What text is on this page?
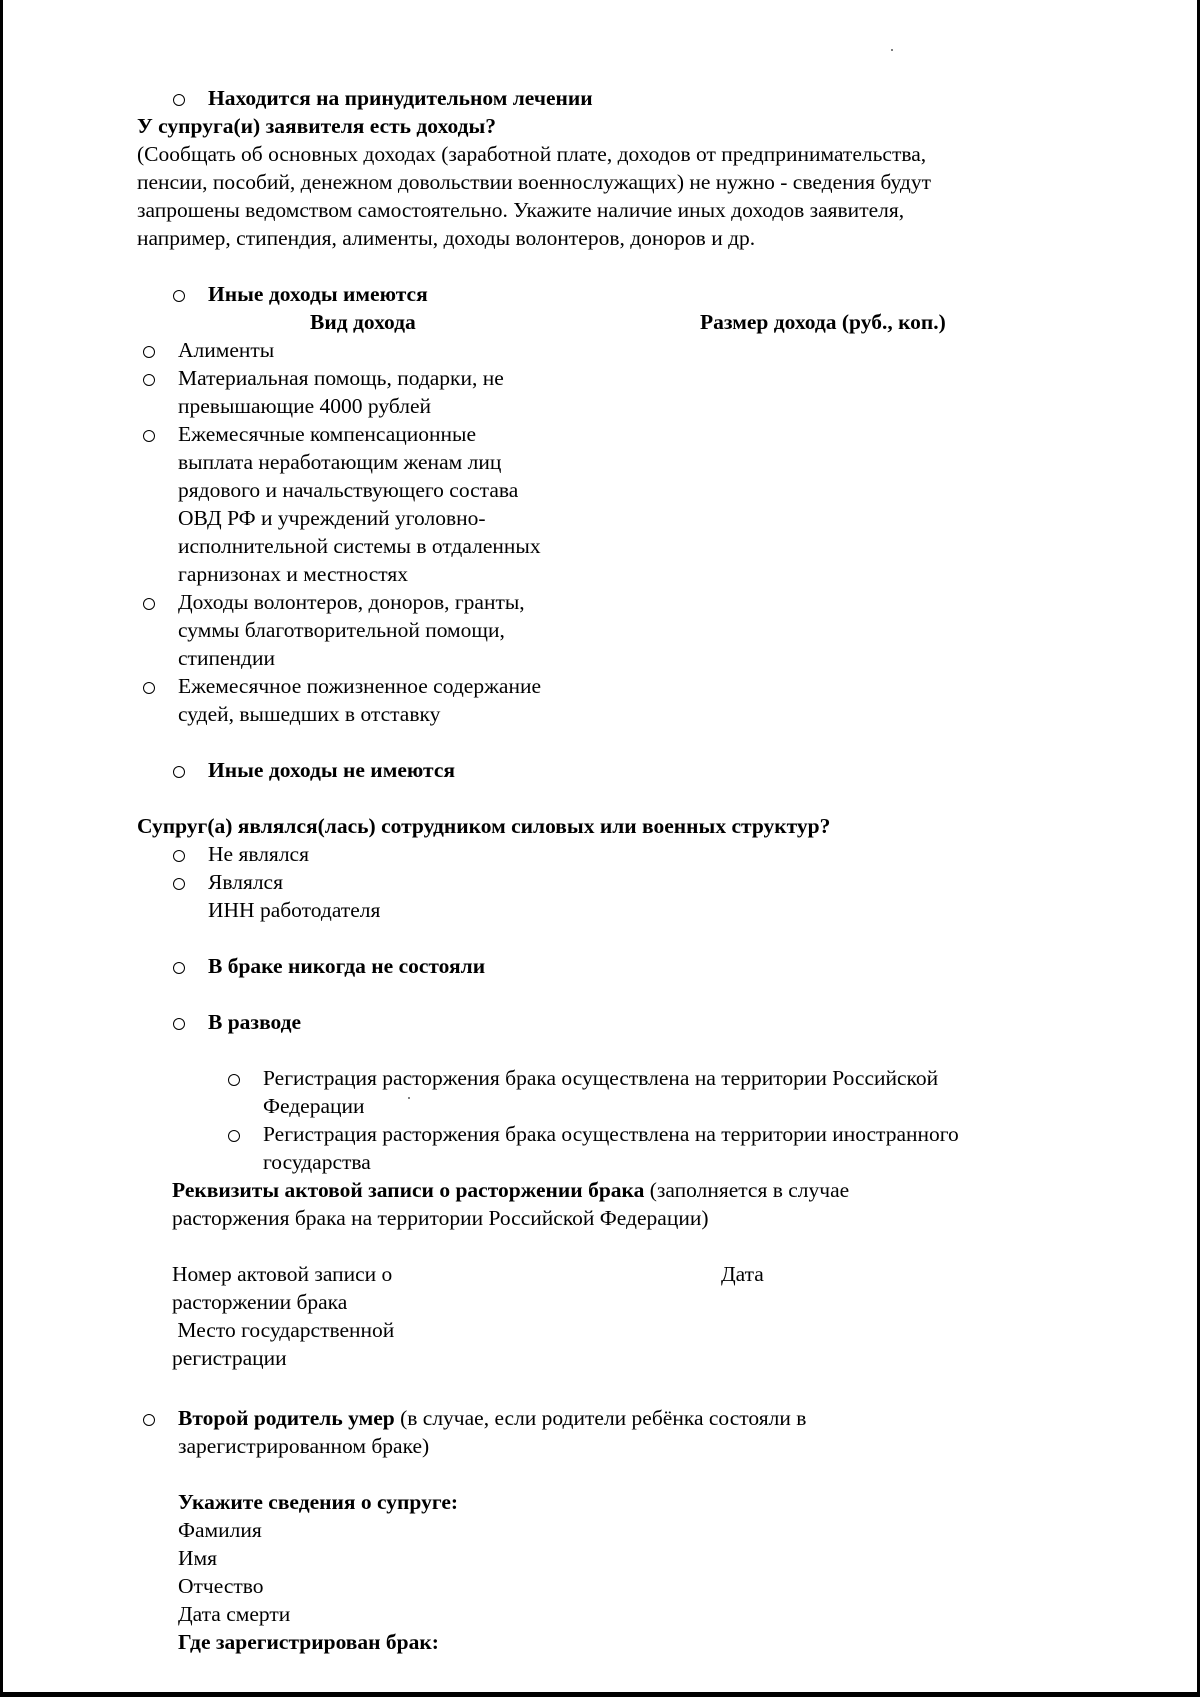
Находится на принудительном лечении
У супруга(и) заявителя есть доходы?
(Сообщать об основных доходах (заработной плате, доходов от предпринимательства,
пенсии, пособий, денежном довольствии военнослужащих) не нужно - сведения будут
запрошены ведомством самостоятельно. Укажите наличие иных доходов заявителя,
например, стипендия, алименты, доходы волонтеров, доноров и др.
Иные доходы имеются
Вид дохода	Размер дохода (руб., коп.)
Алименты
Материальная помощь, подарки, не
превышающие 4000 рублей
Ежемесячные компенсационные
выплата неработающим женам лиц
рядового и начальствующего состава
ОВД РФ и учреждений уголовно-
исполнительной системы в отдаленных
гарнизонах и местностях
Доходы волонтеров, доноров, гранты,
суммы благотворительной помощи,
стипендии
Ежемесячное пожизненное содержание
судей, вышедших в отставку
Иные доходы не имеются
Супруг(а) являлся(лась) сотрудником силовых или военных структур?
Не являлся
Являлся
ИНН работодателя
В браке никогда не состояли
В разводе
Регистрация расторжения брака осуществлена на территории Российской
Федерации
Регистрация расторжения брака осуществлена на территории иностранного
государства
Реквизиты актовой записи о расторжении брака (заполняется в случае
расторжения брака на территории Российской Федерации)
Номер актовой записи о
расторжении брака
Дата
Место государственной
регистрации
Второй родитель умер (в случае, если родители ребёнка состояли в
зарегистрированном браке)
Укажите сведения о супруге:
Фамилия
Имя
Отчество
Дата смерти
Где зарегистрирован брак:
